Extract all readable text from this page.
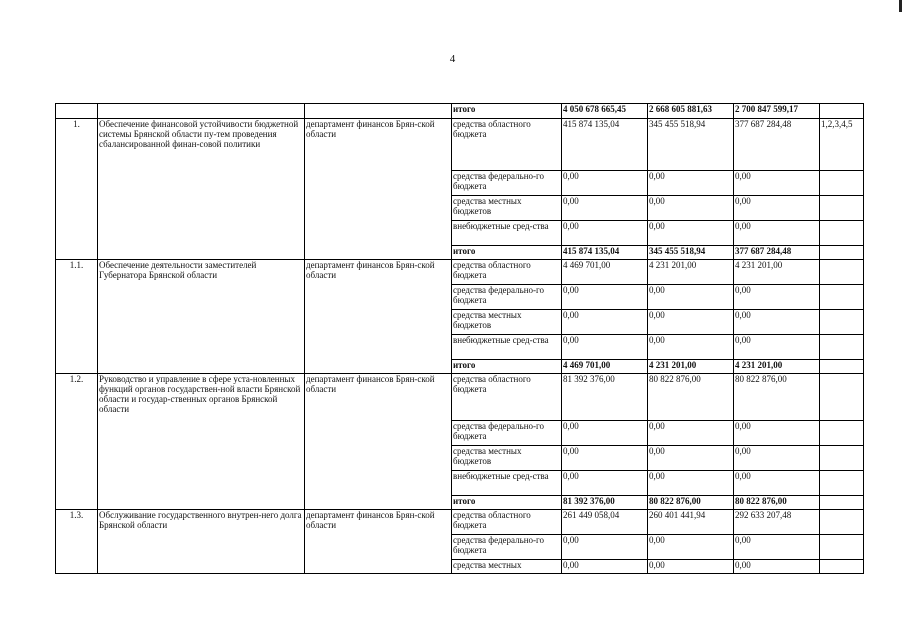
4
			итого	4 050 678 665,45	2 668 605 881,63	2 700 847 599,17	
1.	Обеспечение финансовой устойчивости бюджетной системы Брянской области пу-тем проведения сбалансированной финан-совой политики	департамент финансов Брян-ской области	средства областного бюджета	415 874 135,04	345 455 518,94	377 687 284,48	1,2,3,4,5
			средства федерально-го бюджета	0,00	0,00	0,00	
			средства местных бюджетов	0,00	0,00	0,00	
			внебюджетные сред-ства	0,00	0,00	0,00	
			итого	415 874 135,04	345 455 518,94	377 687 284,48	
1.1.	Обеспечение деятельности заместителей Губернатора Брянской области	департамент финансов Брян-ской области	средства областного бюджета	4 469 701,00	4 231 201,00	4 231 201,00	
			средства федерально-го бюджета	0,00	0,00	0,00	
			средства местных бюджетов	0,00	0,00	0,00	
			внебюджетные сред-ства	0,00	0,00	0,00	
			итого	4 469 701,00	4 231 201,00	4 231 201,00	
1.2.	Руководство и управление в сфере уста-новленных функций органов государствен-ной власти Брянской области и государ-ственных органов Брянской области	департамент финансов Брян-ской области	средства областного бюджета	81 392 376,00	80 822 876,00	80 822 876,00	
			средства федерально-го бюджета	0,00	0,00	0,00	
			средства местных бюджетов	0,00	0,00	0,00	
			внебюджетные сред-ства	0,00	0,00	0,00	
			итого	81 392 376,00	80 822 876,00	80 822 876,00	
1.3.	Обслуживание государственного внутрен-него долга Брянской области	департамент финансов Брян-ской области	средства областного бюджета	261 449 058,04	260 401 441,94	292 633 207,48	
			средства федерально-го бюджета	0,00	0,00	0,00	
			средства местных	0,00	0,00	0,00	
